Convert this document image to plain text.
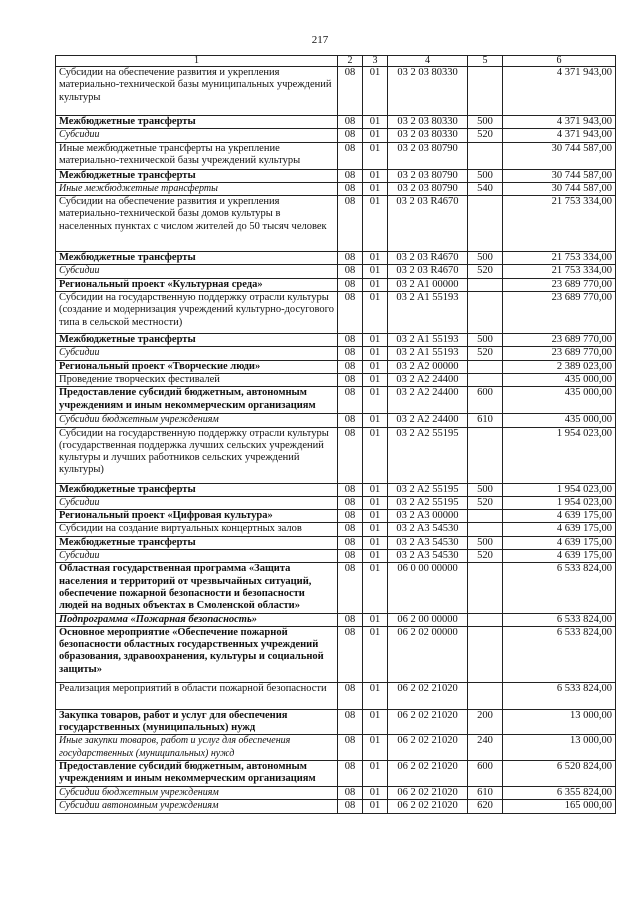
217
1	2	3	4	5	6
Субсидии на обеспечение развития и укрепления материально-технической базы муниципальных учреждений культуры	08	01	03 2 03 80330		4 371 943,00
Межбюджетные трансферты	08	01	03 2 03 80330	500	4 371 943,00
Субсидии	08	01	03 2 03 80330	520	4 371 943,00
Иные межбюджетные трансферты на укрепление материально-технической базы учреждений культуры	08	01	03 2 03 80790		30 744 587,00
Межбюджетные трансферты	08	01	03 2 03 80790	500	30 744 587,00
Иные межбюджетные трансферты	08	01	03 2 03 80790	540	30 744 587,00
Субсидии на обеспечение развития и укрепления материально-технической базы домов культуры в населенных пунктах с числом жителей до 50 тысяч человек	08	01	03 2 03 R4670		21 753 334,00
Межбюджетные трансферты	08	01	03 2 03 R4670	500	21 753 334,00
Субсидии	08	01	03 2 03 R4670	520	21 753 334,00
Региональный проект «Культурная среда»	08	01	03 2 A1 00000		23 689 770,00
Субсидии на государственную поддержку отрасли культуры (создание и модернизация учреждений культурно-досугового типа в сельской местности)	08	01	03 2 A1 55193		23 689 770,00
Межбюджетные трансферты	08	01	03 2 A1 55193	500	23 689 770,00
Субсидии	08	01	03 2 A1 55193	520	23 689 770,00
Региональный проект «Творческие люди»	08	01	03 2 A2 00000		2 389 023,00
Проведение творческих фестивалей	08	01	03 2 A2 24400		435 000,00
Предоставление субсидий бюджетным, автономным учреждениям и иным некоммерческим организациям	08	01	03 2 A2 24400	600	435 000,00
Субсидии бюджетным учреждениям	08	01	03 2 A2 24400	610	435 000,00
Субсидии на государственную поддержку отрасли культуры (государственная поддержка лучших сельских учреждений культуры и лучших работников сельских учреждений культуры)	08	01	03 2 A2 55195		1 954 023,00
Межбюджетные трансферты	08	01	03 2 A2 55195	500	1 954 023,00
Субсидии	08	01	03 2 A2 55195	520	1 954 023,00
Региональный проект «Цифровая культура»	08	01	03 2 A3 00000		4 639 175,00
Субсидии на создание виртуальных концертных залов	08	01	03 2 A3 54530		4 639 175,00
Межбюджетные трансферты	08	01	03 2 A3 54530	500	4 639 175,00
Субсидии	08	01	03 2 A3 54530	520	4 639 175,00
Областная государственная программа «Защита населения и территорий от чрезвычайных ситуаций, обеспечение пожарной безопасности и безопасности людей на водных объектах в Смоленской области»	08	01	06 0 00 00000		6 533 824,00
Подпрограмма «Пожарная безопасность»	08	01	06 2 00 00000		6 533 824,00
Основное мероприятие «Обеспечение пожарной безопасности областных государственных учреждений образования, здравоохранения, культуры и социальной защиты»	08	01	06 2 02 00000		6 533 824,00
Реализация мероприятий в области пожарной безопасности	08	01	06 2 02 21020		6 533 824,00
Закупка товаров, работ и услуг для обеспечения государственных (муниципальных) нужд	08	01	06 2 02 21020	200	13 000,00
Иные закупки товаров, работ и услуг для обеспечения государственных (муниципальных) нужд	08	01	06 2 02 21020	240	13 000,00
Предоставление субсидий бюджетным, автономным учреждениям и иным некоммерческим организациям	08	01	06 2 02 21020	600	6 520 824,00
Субсидии бюджетным учреждениям	08	01	06 2 02 21020	610	6 355 824,00
Субсидии автономным учреждениям	08	01	06 2 02 21020	620	165 000,00
